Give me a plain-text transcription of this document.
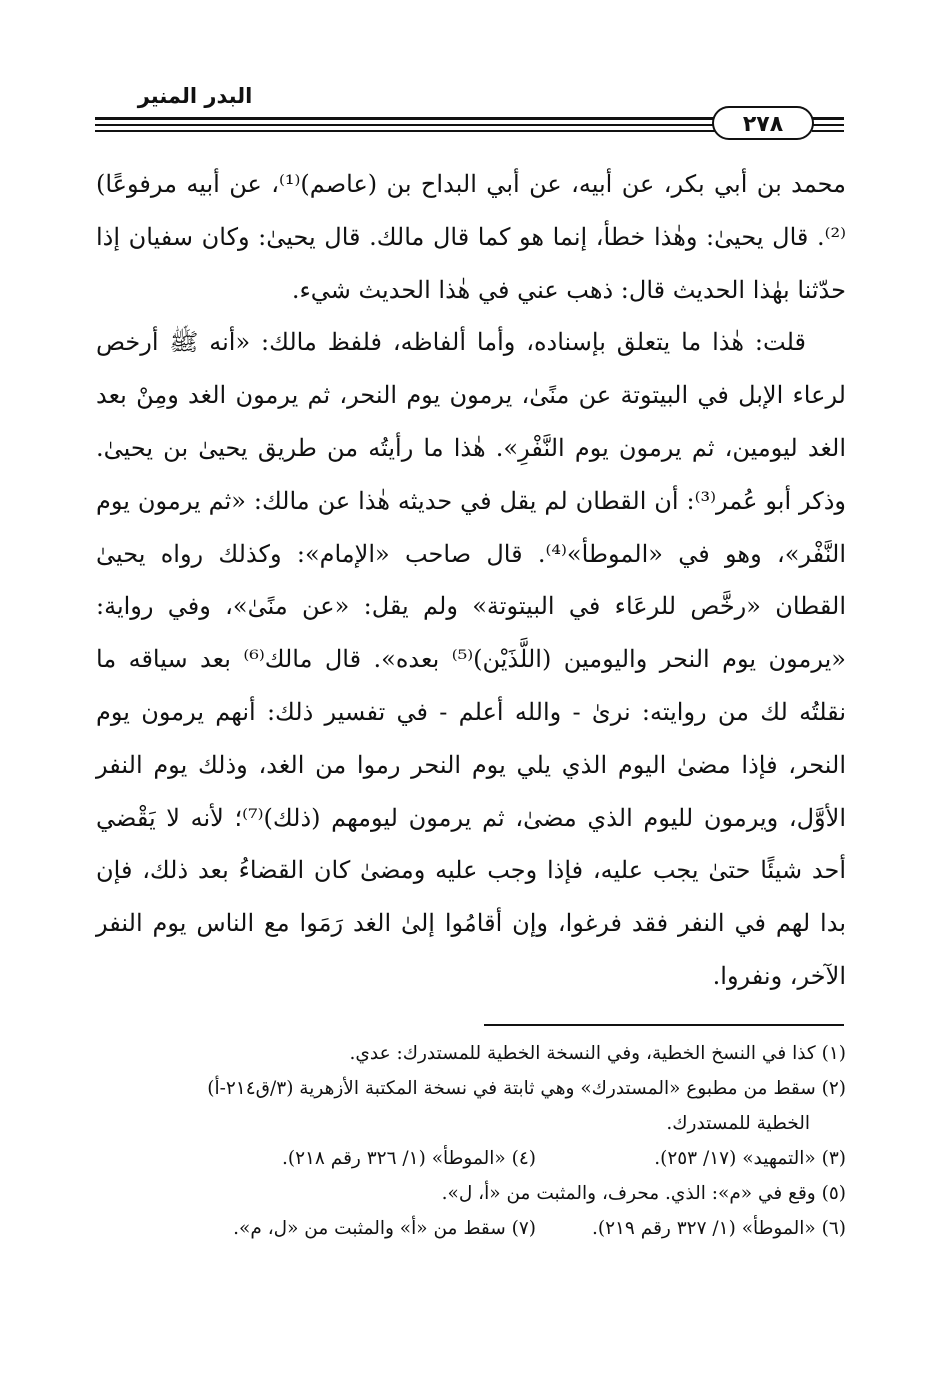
البدر المنير
٢٧٨

محمد بن أبي بكر، عن أبيه، عن أبي البداح بن (عاصم)⁽¹⁾، عن أبيه مرفوعًا)⁽²⁾. قال يحيىٰ: وهٰذا خطأ، إنما هو كما قال مالك. قال يحيىٰ: وكان سفيان إذا حدّثنا بهٰذا الحديث قال: ذهب عني في هٰذا الحديث شيء.

قلت: هٰذا ما يتعلق بإسناده، وأما ألفاظه، فلفظ مالك: «أنه ﷺ أرخص لرعاء الإبل في البيتوتة عن منًىٰ، يرمون يوم النحر، ثم يرمون الغد ومِنْ بعد الغد ليومين، ثم يرمون يوم النَّفْرِ». هٰذا ما رأيتُه من طريق يحيىٰ بن يحيىٰ. وذكر أبو عُمر⁽³⁾: أن القطان لم يقل في حديثه هٰذا عن مالك: «ثم يرمون يوم النَّفْر»، وهو في «الموطأ»⁽⁴⁾. قال صاحب «الإمام»: وكذلك رواه يحيىٰ القطان «رخَّص للرعَاء في البيتوتة» ولم يقل: «عن منًىٰ»، وفي رواية: «يرمون يوم النحر واليومين (اللَّذَيْن)⁽⁵⁾ بعده». قال مالك⁽⁶⁾ بعد سياقه ما نقلتُه لك من روايته: نرىٰ - والله أعلم - في تفسير ذلك: أنهم يرمون يوم النحر، فإذا مضىٰ اليوم الذي يلي يوم النحر رموا من الغد، وذلك يوم النفر الأوَّل، ويرمون لليوم الذي مضىٰ، ثم يرمون ليومهم (ذلك)⁽⁷⁾؛ لأنه لا يَقْضي أحد شيئًا حتىٰ يجب عليه، فإذا وجب عليه ومضىٰ كان القضاءُ بعد ذلك، فإن بدا لهم في النفر فقد فرغوا، وإن أقامُوا إلىٰ الغد رَمَوا مع الناس يوم النفر الآخر، ونفروا.

(١) كذا في النسخ الخطية، وفي النسخة الخطية للمستدرك: عدي.

(٢) سقط من مطبوع «المستدرك» وهي ثابتة في نسخة المكتبة الأزهرية (٣/ق٢١٤-أ)

الخطية للمستدرك.

(٣) «التمهيد» (١٧/ ٢٥٣).
(٤) «الموطأ» (١/ ٣٢٦ رقم ٢١٨).

(٥) وقع في «م»: الذي. محرف، والمثبت من «أ، ل».

(٦) «الموطأ» (١/ ٣٢٧ رقم ٢١٩).
(٧) سقط من «أ» والمثبت من «ل، م».
